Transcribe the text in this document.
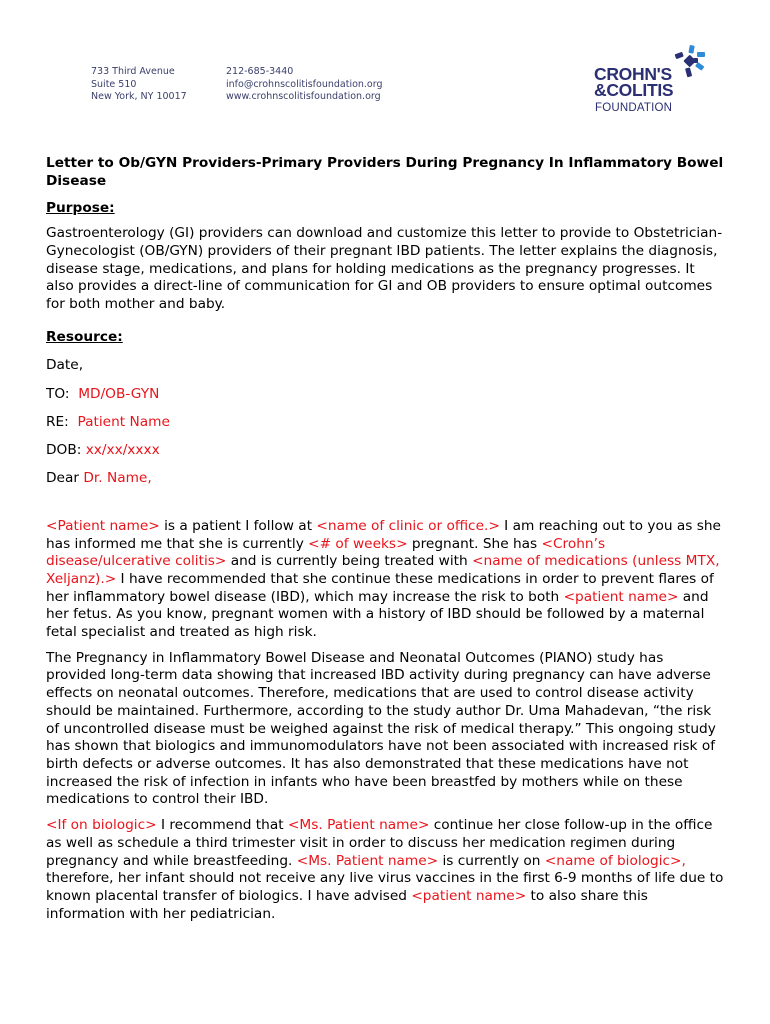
733 Third Avenue
Suite 510
New York, NY 10017
212-685-3440
info@crohnscolitisfoundation.org
www.crohnscolitisfoundation.org
CROHN'S
&COLITIS
FOUNDATION

Letter to Ob/GYN Providers-Primary Providers During Pregnancy In Inflammatory Bowel Disease

Purpose:

Gastroenterology (GI) providers can download and customize this letter to provide to Obstetrician-Gynecologist (OB/GYN) providers of their pregnant IBD patients. The letter explains the diagnosis, disease stage, medications, and plans for holding medications as the pregnancy progresses. It also provides a direct-line of communication for GI and OB providers to ensure optimal outcomes for both mother and baby.

Resource:

Date,

TO: MD/OB-GYN

RE: Patient Name

DOB: xx/xx/xxxx

Dear Dr. Name,

<Patient name> is a patient I follow at <name of clinic or office.> I am reaching out to you as she has informed me that she is currently <# of weeks> pregnant. She has <Crohn’s disease/ulcerative colitis> and is currently being treated with <name of medications (unless MTX, Xeljanz).> I have recommended that she continue these medications in order to prevent flares of her inflammatory bowel disease (IBD), which may increase the risk to both <patient name> and her fetus. As you know, pregnant women with a history of IBD should be followed by a maternal fetal specialist and treated as high risk.

The Pregnancy in Inflammatory Bowel Disease and Neonatal Outcomes (PIANO) study has provided long-term data showing that increased IBD activity during pregnancy can have adverse effects on neonatal outcomes. Therefore, medications that are used to control disease activity should be maintained. Furthermore, according to the study author Dr. Uma Mahadevan, “the risk of uncontrolled disease must be weighed against the risk of medical therapy.” This ongoing study has shown that biologics and immunomodulators have not been associated with increased risk of birth defects or adverse outcomes. It has also demonstrated that these medications have not increased the risk of infection in infants who have been breastfed by mothers while on these medications to control their IBD.

<If on biologic> I recommend that <Ms. Patient name> continue her close follow-up in the office as well as schedule a third trimester visit in order to discuss her medication regimen during pregnancy and while breastfeeding. <Ms. Patient name> is currently on <name of biologic>, therefore, her infant should not receive any live virus vaccines in the first 6-9 months of life due to known placental transfer of biologics. I have advised <patient name> to also share this information with her pediatrician.
